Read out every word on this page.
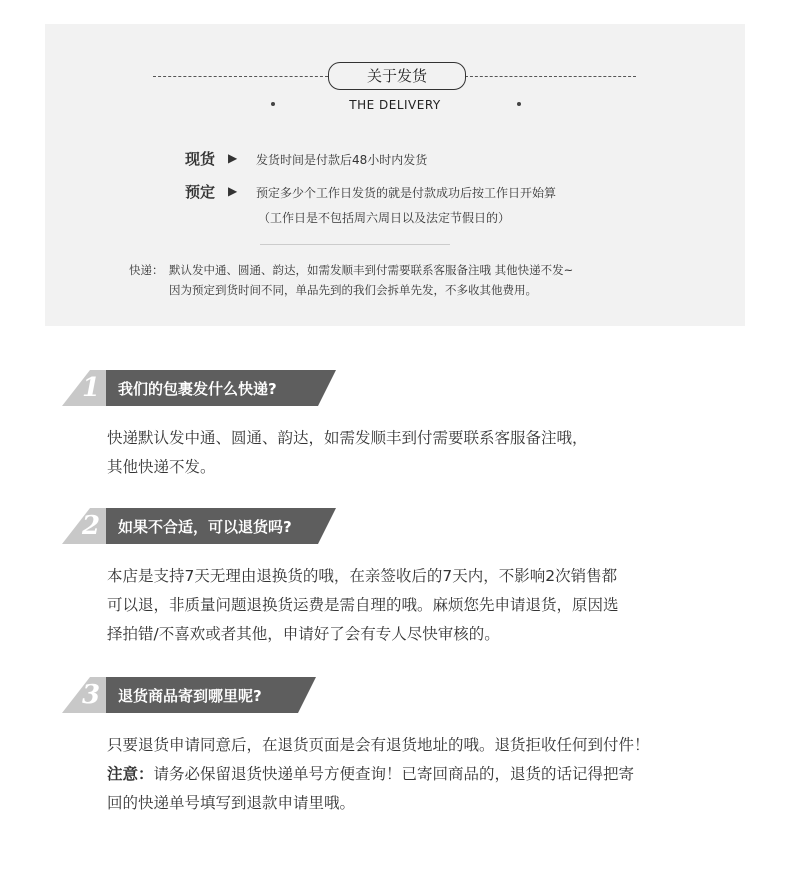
关于发货
THE DELIVERY
现货 ▶ 发货时间是付款后48小时内发货
预定 ▶ 预定多少个工作日发货的就是付款成功后按工作日开始算
（工作日是不包括周六周日以及法定节假日的）
快递： 默认发中通、圆通、韵达，如需发顺丰到付需要联系客服备注哦 其他快递不发~
因为预定到货时间不同，单品先到的我们会拆单先发，不多收其他费用。
1 我们的包裹发什么快递?

快递默认发中通、圆通、韵达，如需发顺丰到付需要联系客服备注哦，

其他快递不发。

2 如果不合适，可以退货吗?

本店是支持7天无理由退换货的哦，在亲签收后的7天内，不影响2次销售都

可以退，非质量问题退换货运费是需自理的哦。麻烦您先申请退货，原因选

择拍错/不喜欢或者其他，申请好了会有专人尽快审核的。

3 退货商品寄到哪里呢?

只要退货申请同意后，在退货页面是会有退货地址的哦。退货拒收任何到付件！

注意：请务必保留退货快递单号方便查询！已寄回商品的，退货的话记得把寄

回的快递单号填写到退款申请里哦。
